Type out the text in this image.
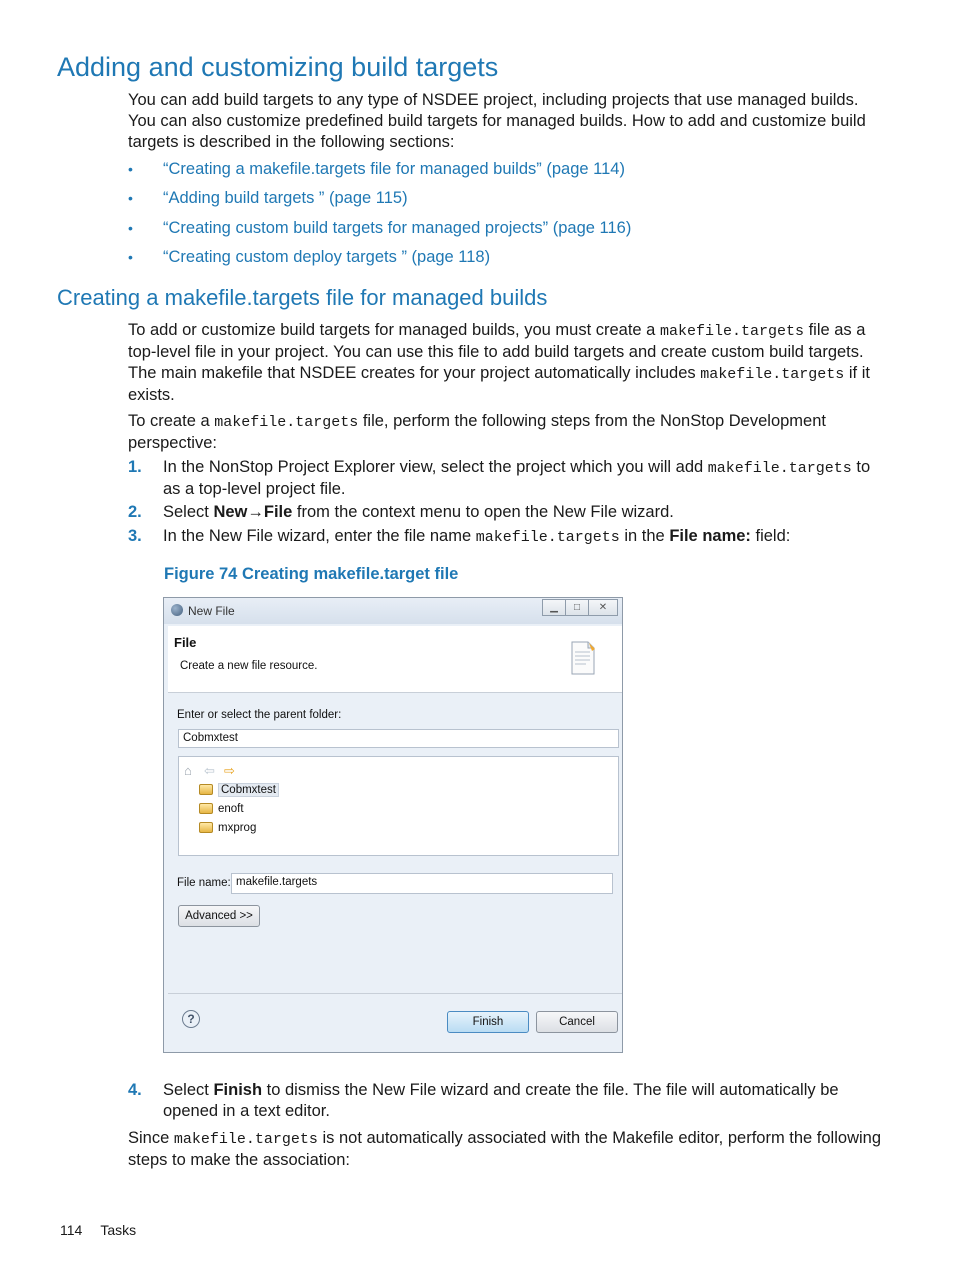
Adding and customizing build targets

You can add build targets to any type of NSDEE project, including projects that use managed builds. You can also customize predefined build targets for managed builds. How to add and customize build targets is described in the following sections:

• “Creating a makefile.targets file for managed builds” (page 114)
• “Adding build targets ” (page 115)
• “Creating custom build targets for managed projects” (page 116)
• “Creating custom deploy targets ” (page 118)
Creating a makefile.targets file for managed builds

To add or customize build targets for managed builds, you must create a makefile.targets file as a top-level file in your project. You can use this file to add build targets and create custom build targets. The main makefile that NSDEE creates for your project automatically includes makefile.targets if it exists.

To create a makefile.targets file, perform the following steps from the NonStop Development perspective:

1. In the NonStop Project Explorer view, select the project which you will add makefile.targets to as a top-level project file.
2. Select New→File from the context menu to open the New File wizard.
3. In the New File wizard, enter the file name makefile.targets in the File name: field:

Figure 74 Creating makefile.target file

New File	▁	□	✕
File
Create a new file resource.
Enter or select the parent folder:
Cobmxtest
⌂ ⇦ ⇨
Cobmxtest
enoft
mxprog
File name: makefile.targets
Advanced >>
?	Finish	Cancel
4. Select Finish to dismiss the New File wizard and create the file. The file will automatically be opened in a text editor.

Since makefile.targets is not automatically associated with the Makefile editor, perform the following steps to make the association:

114 Tasks
